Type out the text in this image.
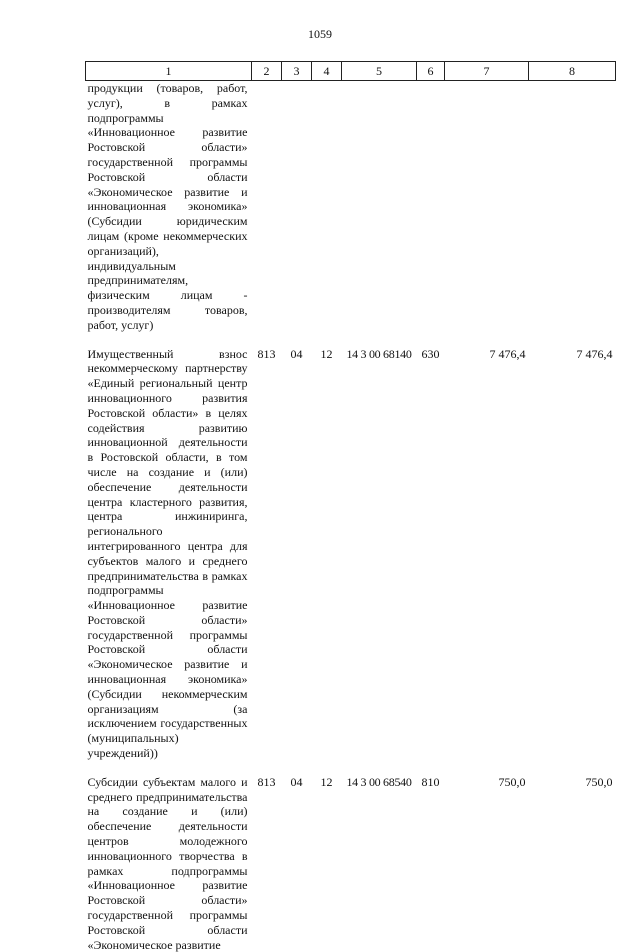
1059
1	2	3	4	5	6	7	8
продукции (товаров, работ, услуг), в рамках подпрограммы «Инновационное развитие Ростовской области» государственной программы Ростовской области «Экономическое развитие и инновационная экономика» (Субсидии юридическим лицам (кроме некоммерческих организаций), индивидуальным предпринимателям, физическим лицам - производителям товаров, работ, услуг)							
Имущественный взнос некоммерческому партнерству «Единый региональный центр инновационного развития Ростовской области» в целях содействия развитию инновационной деятельности в Ростовской области, в том числе на создание и (или) обеспечение деятельности центра кластерного развития, центра инжиниринга, регионального интегрированного центра для субъектов малого и среднего предпринимательства в рамках подпрограммы «Инновационное развитие Ростовской области» государственной программы Ростовской области «Экономическое развитие и инновационная экономика» (Субсидии некоммерческим организациям (за исключением государственных (муниципальных) учреждений))	813	04	12	14 3 00 68140	630	7 476,4	7 476,4
Субсидии субъектам малого и среднего предпринимательства на создание и (или) обеспечение деятельности центров молодежного инновационного творчества в рамках подпрограммы «Инновационное развитие Ростовской области» государственной программы Ростовской области «Экономическое развитие	813	04	12	14 3 00 68540	810	750,0	750,0
